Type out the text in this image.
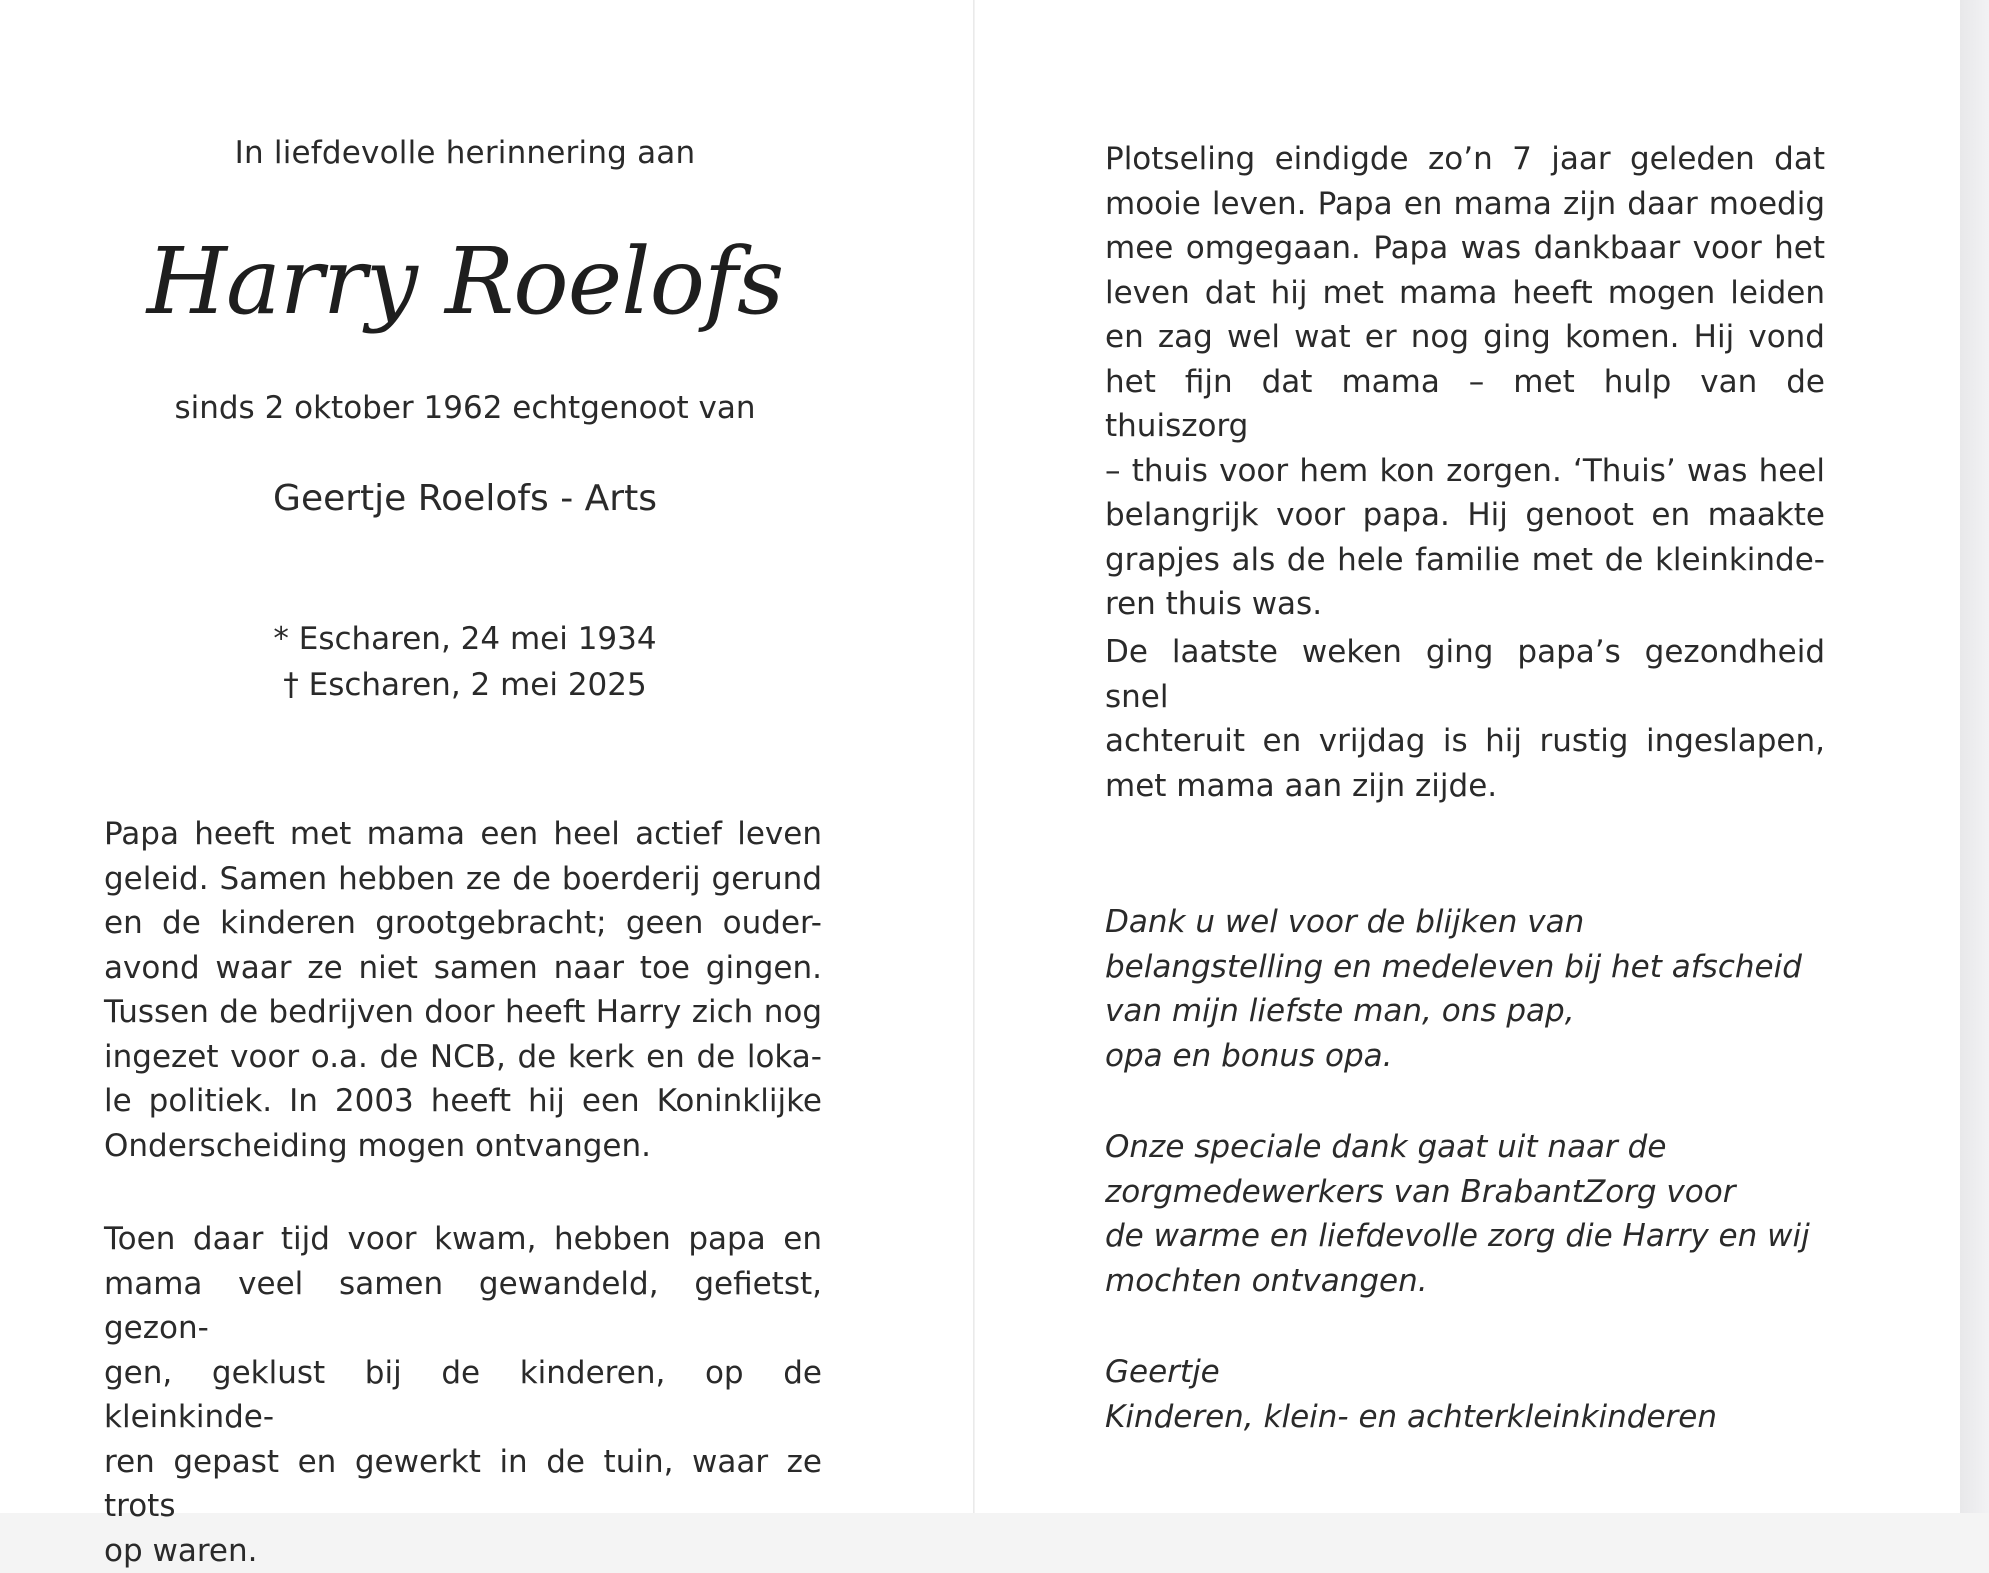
In liefdevolle herinnering aan
Harry Roelofs
sinds 2 oktober 1962 echtgenoot van
Geertje Roelofs - Arts
* Escharen, 24 mei 1934
† Escharen, 2 mei 2025
Papa heeft met mama een heel actief leven
geleid. Samen hebben ze de boerderij gerund
en de kinderen grootgebracht; geen ouder-
avond waar ze niet samen naar toe gingen.
Tussen de bedrijven door heeft Harry zich nog
ingezet voor o.a. de NCB, de kerk en de loka-
le politiek. In 2003 heeft hij een Koninklijke
Onderscheiding mogen ontvangen.
Toen daar tijd voor kwam, hebben papa en
mama veel samen gewandeld, gefietst, gezon-
gen, geklust bij de kinderen, op de kleinkinde-
ren gepast en gewerkt in de tuin, waar ze trots
op waren.
Plotseling eindigde zo’n 7 jaar geleden dat
mooie leven. Papa en mama zijn daar moedig
mee omgegaan. Papa was dankbaar voor het
leven dat hij met mama heeft mogen leiden
en zag wel wat er nog ging komen. Hij vond
het fijn dat mama – met hulp van de thuiszorg
– thuis voor hem kon zorgen. ‘Thuis’ was heel
belangrijk voor papa. Hij genoot en maakte
grapjes als de hele familie met de kleinkinde-
ren thuis was.
De laatste weken ging papa’s gezondheid snel
achteruit en vrijdag is hij rustig ingeslapen,
met mama aan zijn zijde.
Dank u wel voor de blijken van
belangstelling en medeleven bij het afscheid
van mijn liefste man, ons pap,
opa en bonus opa.
Onze speciale dank gaat uit naar de
zorgmedewerkers van BrabantZorg voor
de warme en liefdevolle zorg die Harry en wij
mochten ontvangen.
Geertje
Kinderen, klein- en achterkleinkinderen
